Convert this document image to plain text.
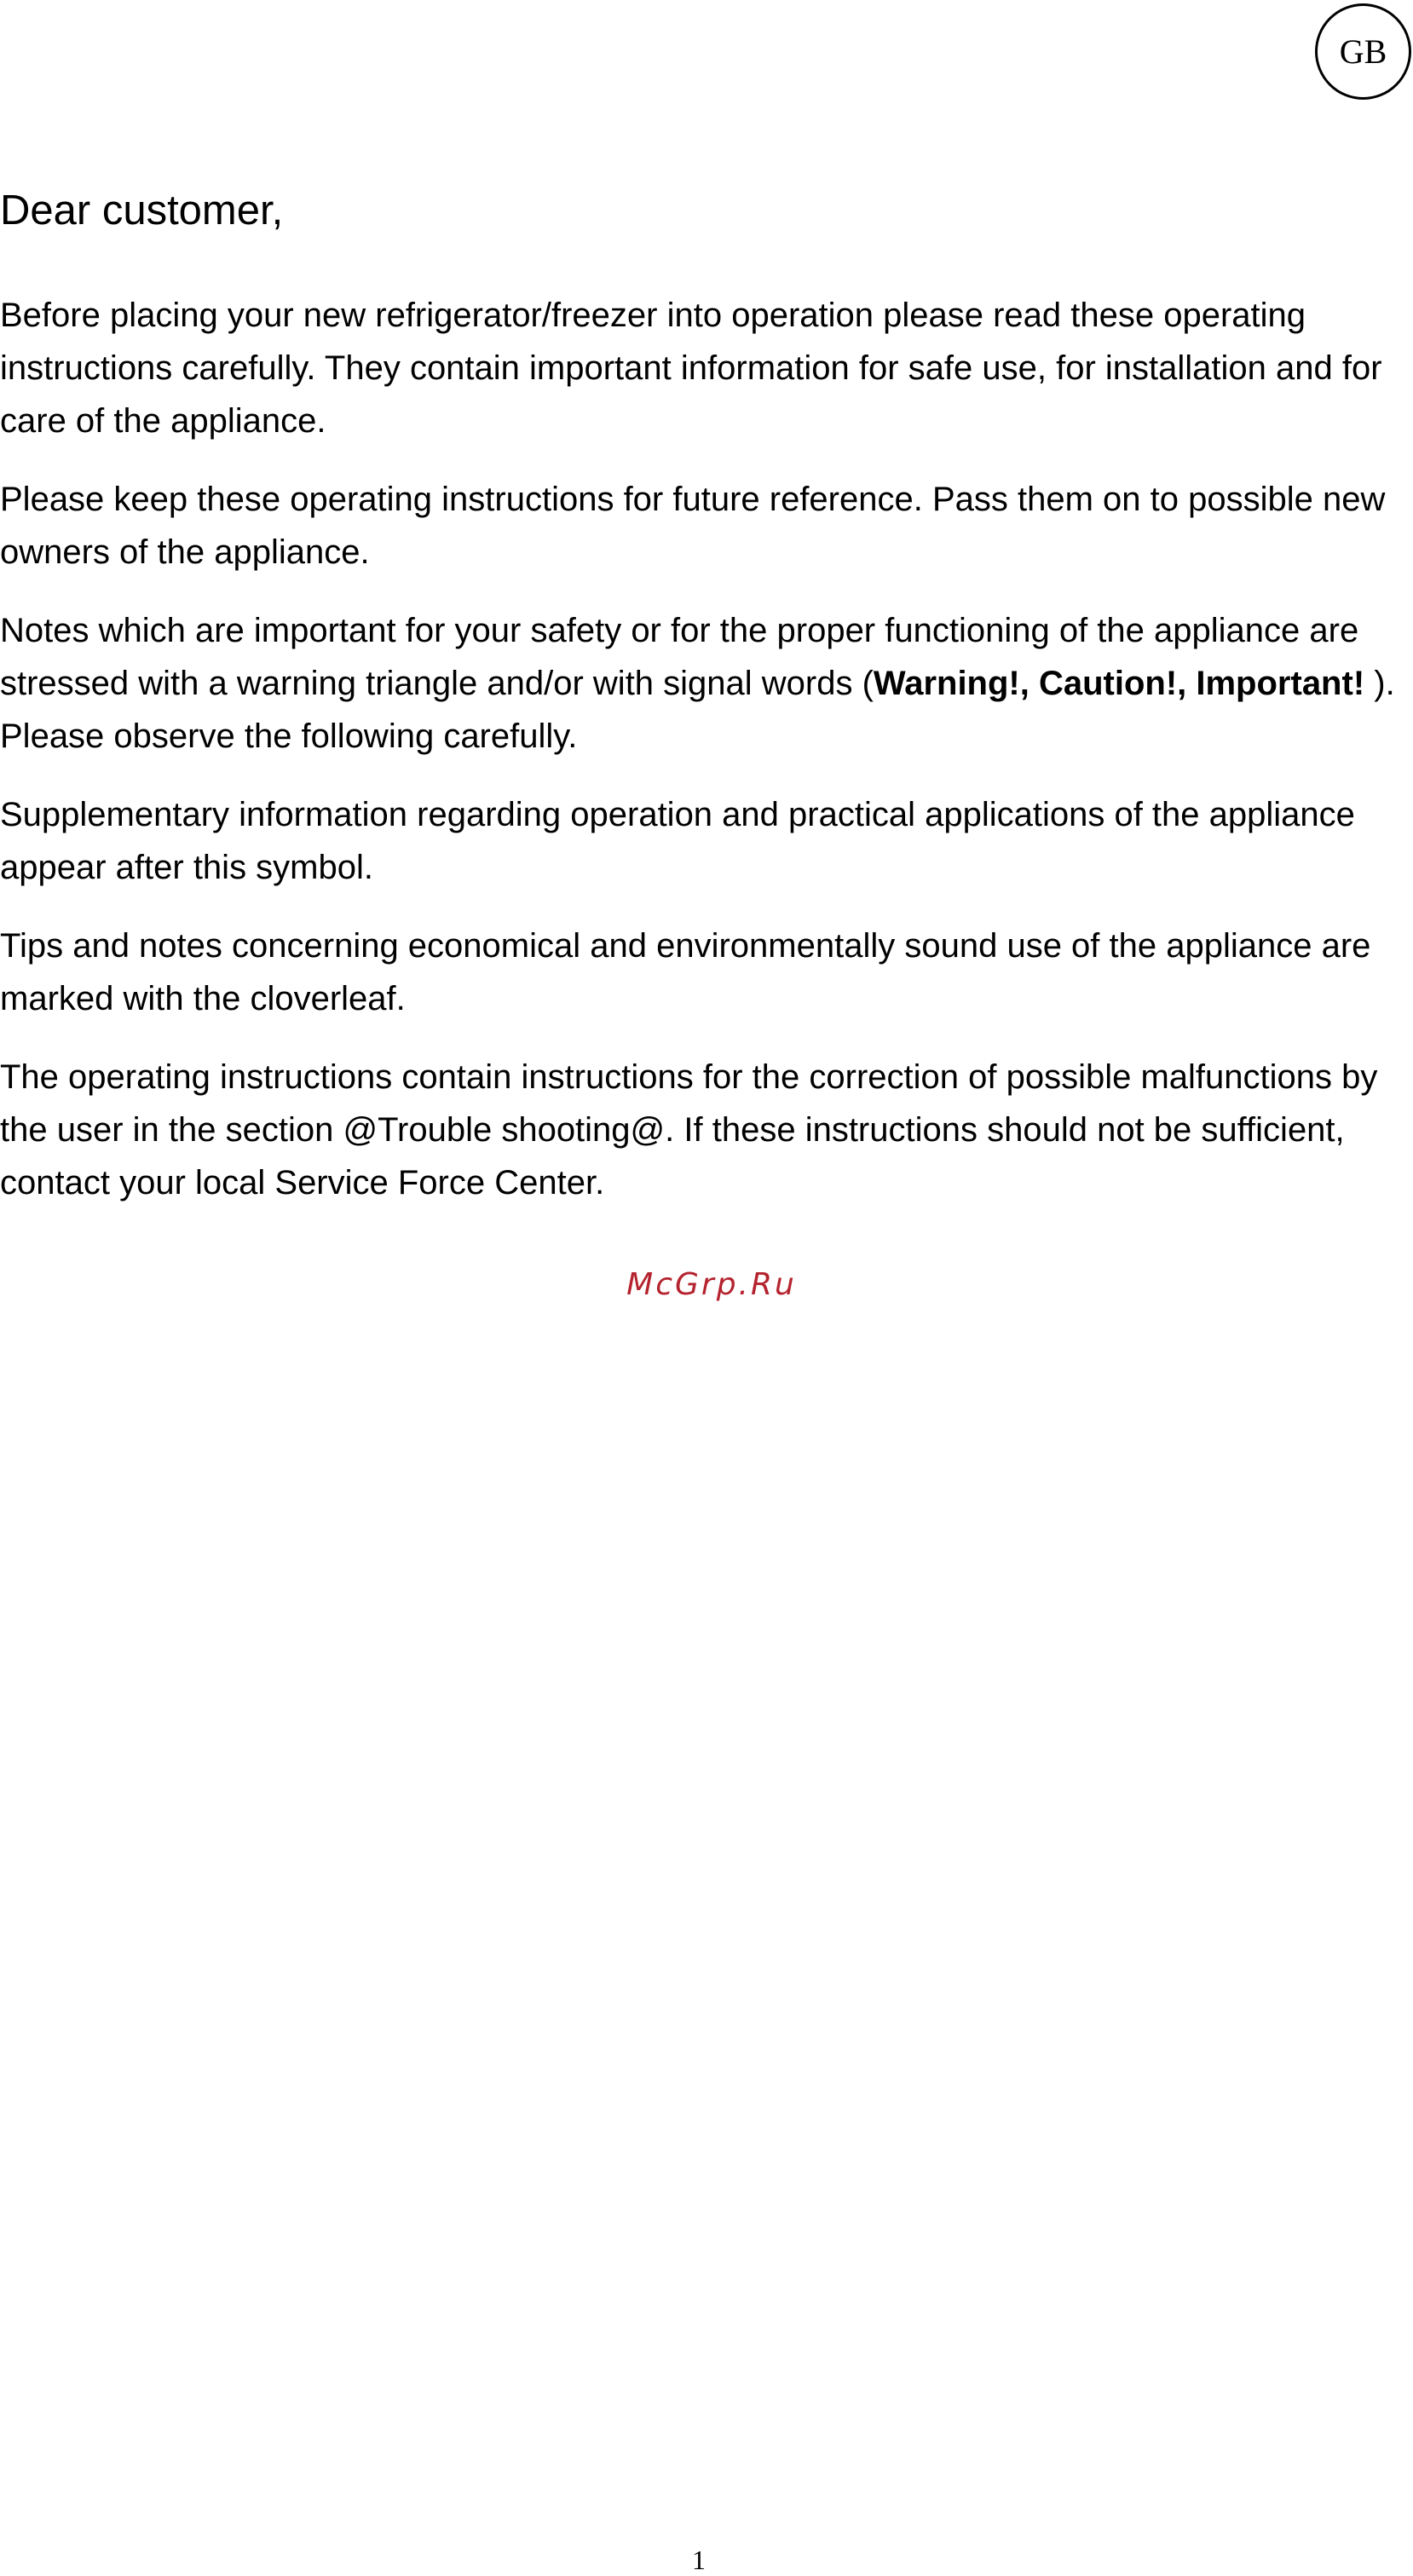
GB
Dear customer,

Before placing your new refrigerator/freezer into operation please read these operating instructions carefully. They contain important information for safe use, for installation and for care of the appliance.

Please keep these operating instructions for future reference. Pass them on to possible new owners of the appliance.

Notes which are important for your safety or for the proper functioning of the appliance are stressed with a warning triangle and/or with signal words (Warning!, Caution!, Important! ). Please observe the following carefully.

Supplementary information regarding operation and practical applications of the appliance appear after this symbol.

Tips and notes concerning economical and environmentally sound use of the appliance are marked with the cloverleaf.

The operating instructions contain instructions for the correction of possible malfunctions by the user in the section @Trouble shooting@. If these instructions should not be sufficient, contact your local Service Force Center.

McGrp.Ru
1
